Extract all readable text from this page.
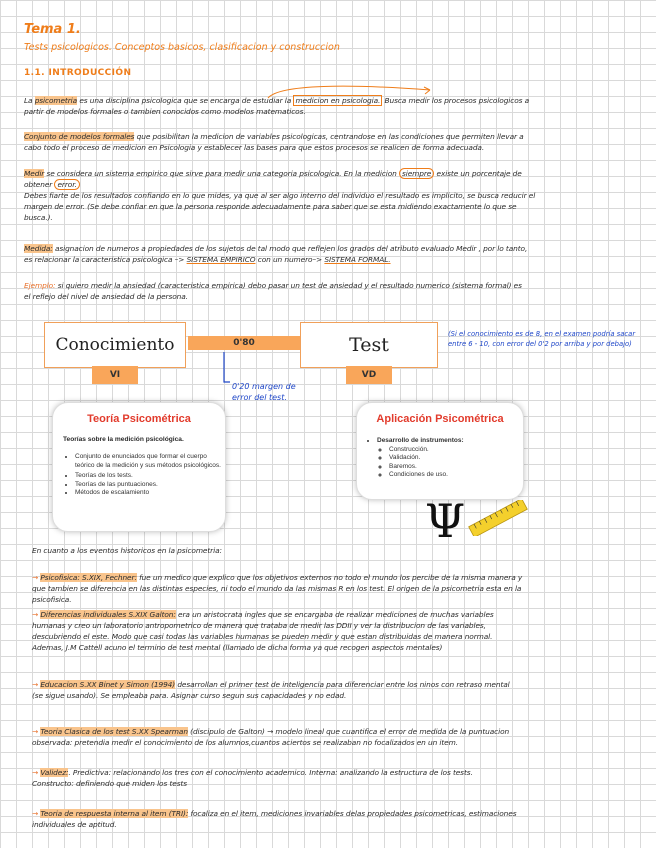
Tema 1.
Tests psicologicos. Conceptos basicos, clasificacion y construccion
1.1. INTRODUCCIÓN
La psicometria es una disciplina psicologica que se encarga de estudiar la medicion en psicologia. Busca medir los procesos psicologicos a
partir de modelos formales o tambien conocidos como modelos matematicos.
Conjunto de modelos formales que posibilitan la medicion de variables psicologicas, centrandose en las condiciones que permiten llevar a
cabo todo el proceso de medicion en Psicologia y establecer las bases para que estos procesos se realicen de forma adecuada.
Medir se considera un sistema empirico que sirve para medir una categoria psicologica. En la medicion siempre existe un porcentaje de
obtener error.
Debes fiarte de los resultados confiando en lo que mides, ya que al ser algo interno del individuo el resultado es implicito, se busca reducir el
margen de error. (Se debe confiar en que la persona responde adecuadamente para saber que se esta midiendo exactamente lo que se
busca.).
Medida: asignacion de numeros a propiedades de los sujetos de tal modo que reflejen los grados del atributo evaluado Medir , por lo tanto,
es relacionar la caracteristica psicologica –> SISTEMA EMPIRICO con un numero–> SISTEMA FORMAL.
Ejemplo: si quiero medir la ansiedad (caracteristica empirica) debo pasar un test de ansiedad y el resultado numerico (sistema formal) es
el reflejo del nivel de ansiedad de la persona.
Conocimiento	0'80	Test
VI	VD
(Si el conocimiento es de 8, en el examen podría sacar entre 6 - 10, con error del 0'2 por arriba y por debajo)
0'20 margen de
error del test.
Teoría Psicométrica
Teorías sobre la medición psicológica.
• Conjunto de enunciados que formar el cuerpo teórico de la medición y sus métodos psicológicos.
• Teorías de los tests.
• Teorías de las puntuaciones.
• Métodos de escalamiento
Aplicación Psicométrica
• Desarrollo de instrumentos:
◦ Construcción.
◦ Validación.
◦ Baremos.
◦ Condiciones de uso.
Ψ
En cuanto a los eventos historicos en la psicometria:
→ Psicofisica: S.XIX, Fechner: fue un medico que explico que los objetivos externos no todo el mundo los percibe de la misma manera y
que tambien se diferencia en las distintas especies, ni todo el mundo da las mismas R en los test. El origen de la psicometria esta en la
psicofisica.
→ Diferencias individuales S.XIX Galton: era un aristocrata ingles que se encargaba de realizar mediciones de muchas variables
humanas y creo un laboratorio antropometrico de manera que trataba de medir las DDII y ver la distribucion de las variables,
descubriendo el este. Modo que casi todas las variables humanas se pueden medir y que estan distribuidas de manera normal.
Ademas, J.M Cattell acuno el termino de test mental (llamado de dicha forma ya que recogen aspectos mentales)
→ Educacion S.XX Binet y Simon (1994) desarrollan el primer test de inteligencia para diferenciar entre los ninos con retraso mental
(se sigue usando). Se empleaba para. Asignar curso segun sus capacidades y no edad.
→ Teoria Clasica de los test S.XX Spearman (discipulo de Galton) → modelo lineal que cuantifica el error de medida de la puntuacion
observada: pretendia medir el conocimiento de los alumnos,cuantos aciertos se realizaban no focalizados en un item.
→ Validez:. Predictiva: relacionando los tres con el conocimiento academico. Interna: analizando la estructura de los tests.
Constructo: definiendo que miden los tests
→ Teoria de respuesta interna al item (TRI): focaliza en el item, mediciones invariables delas propiedades psicometricas, estimaciones
individuales de aptitud.
